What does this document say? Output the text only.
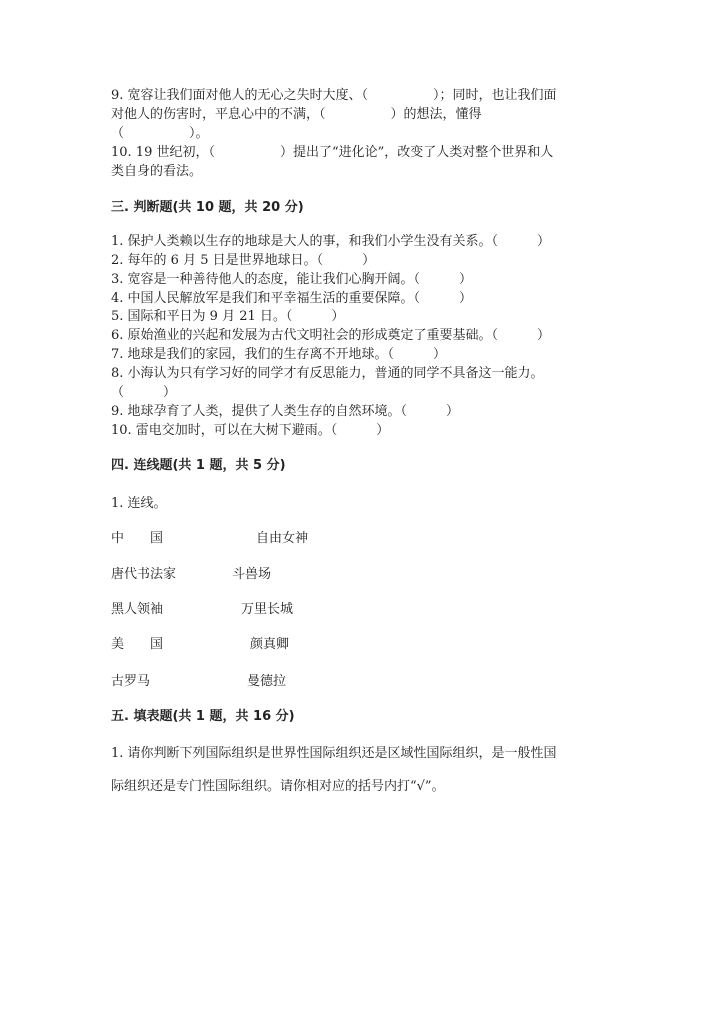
9. 宽容让我们面对他人的无心之失时大度、（　　　　　）；同时，也让我们面
对他人的伤害时，平息心中的不满，（　　　　　）的想法，懂得
（　　　　　）。
10. 19 世纪初，（　　　　　）提出了“进化论”，改变了人类对整个世界和人
类自身的看法。
三. 判断题(共 10 题，共 20 分)
1. 保护人类赖以生存的地球是大人的事，和我们小学生没有关系。（　　　）
2. 每年的 6 月 5 日是世界地球日。（　　　）
3. 宽容是一种善待他人的态度，能让我们心胸开阔。（　　　）
4. 中国人民解放军是我们和平幸福生活的重要保障。（　　　）
5. 国际和平日为 9 月 21 日。（　　　）
6. 原始渔业的兴起和发展为古代文明社会的形成奠定了重要基础。（　　　）
7. 地球是我们的家园，我们的生存离不开地球。（　　　）
8. 小海认为只有学习好的同学才有反思能力，普通的同学不具备这一能力。
（　　　）
9. 地球孕育了人类，提供了人类生存的自然环境。（　　　）
10. 雷电交加时，可以在大树下避雨。（　　　）
四. 连线题(共 1 题，共 5 分)
1. 连线。
中　　国	自由女神
唐代书法家	斗兽场
黑人领袖	万里长城
美　　国	颜真卿
古罗马	曼德拉
五. 填表题(共 1 题，共 16 分)
1. 请你判断下列国际组织是世界性国际组织还是区域性国际组织，是一般性国
际组织还是专门性国际组织。请你相对应的括号内打“√”。
